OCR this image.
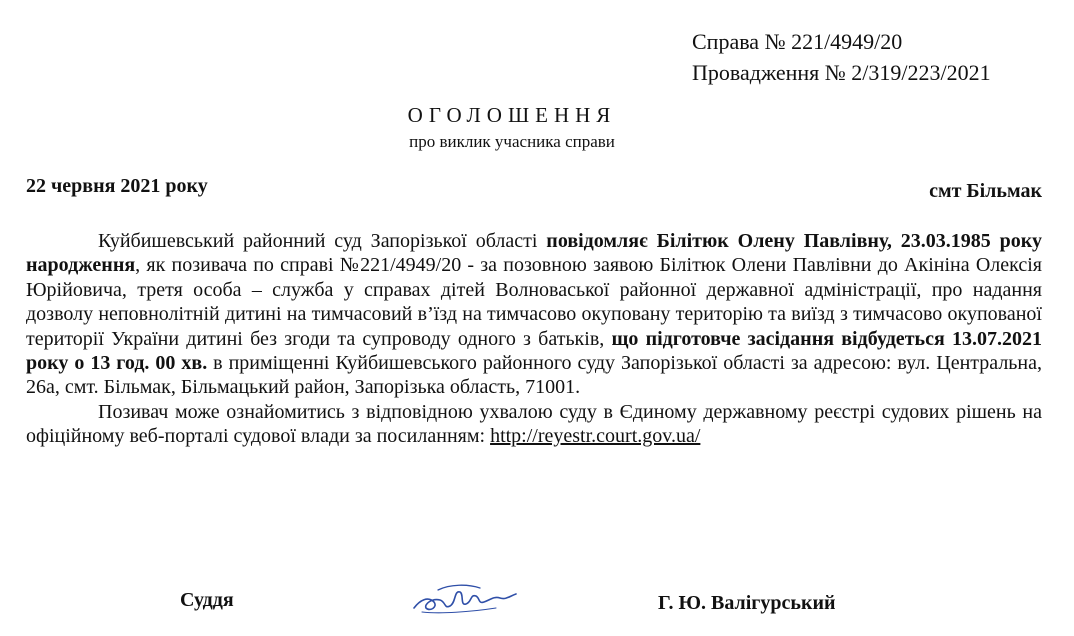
Справа № 221/4949/20
Провадження № 2/319/223/2021
ОГОЛОШЕННЯ
про виклик учасника справи
22 червня 2021 року	смт Більмак

Куйбишевський районний суд Запорізької області повідомляє Білітюк Олену Павлівну, 23.03.1985 року народження, як позивача по справі №221/4949/20 - за позовною заявою Білітюк Олени Павлівни до Акініна Олексія Юрійовича, третя особа – служба у справах дітей Волноваської районної державної адміністрації, про надання дозволу неповнолітній дитині на тимчасовий в’їзд на тимчасово окуповану територію та виїзд з тимчасово окупованої території України дитині без згоди та супроводу одного з батьків, що підготовче засідання відбудеться 13.07.2021 року о 13 год. 00 хв. в приміщенні Куйбишевського районного суду Запорізької області за адресою: вул. Центральна, 26а, смт. Більмак, Більмацький район, Запорізька область, 71001.

Позивач може ознайомитись з відповідною ухвалою суду в Єдиному державному реєстрі судових рішень на офіційному веб-порталі судової влади за посиланням: http://reyestr.court.gov.ua/

Суддя	Г. Ю. Валігурський
